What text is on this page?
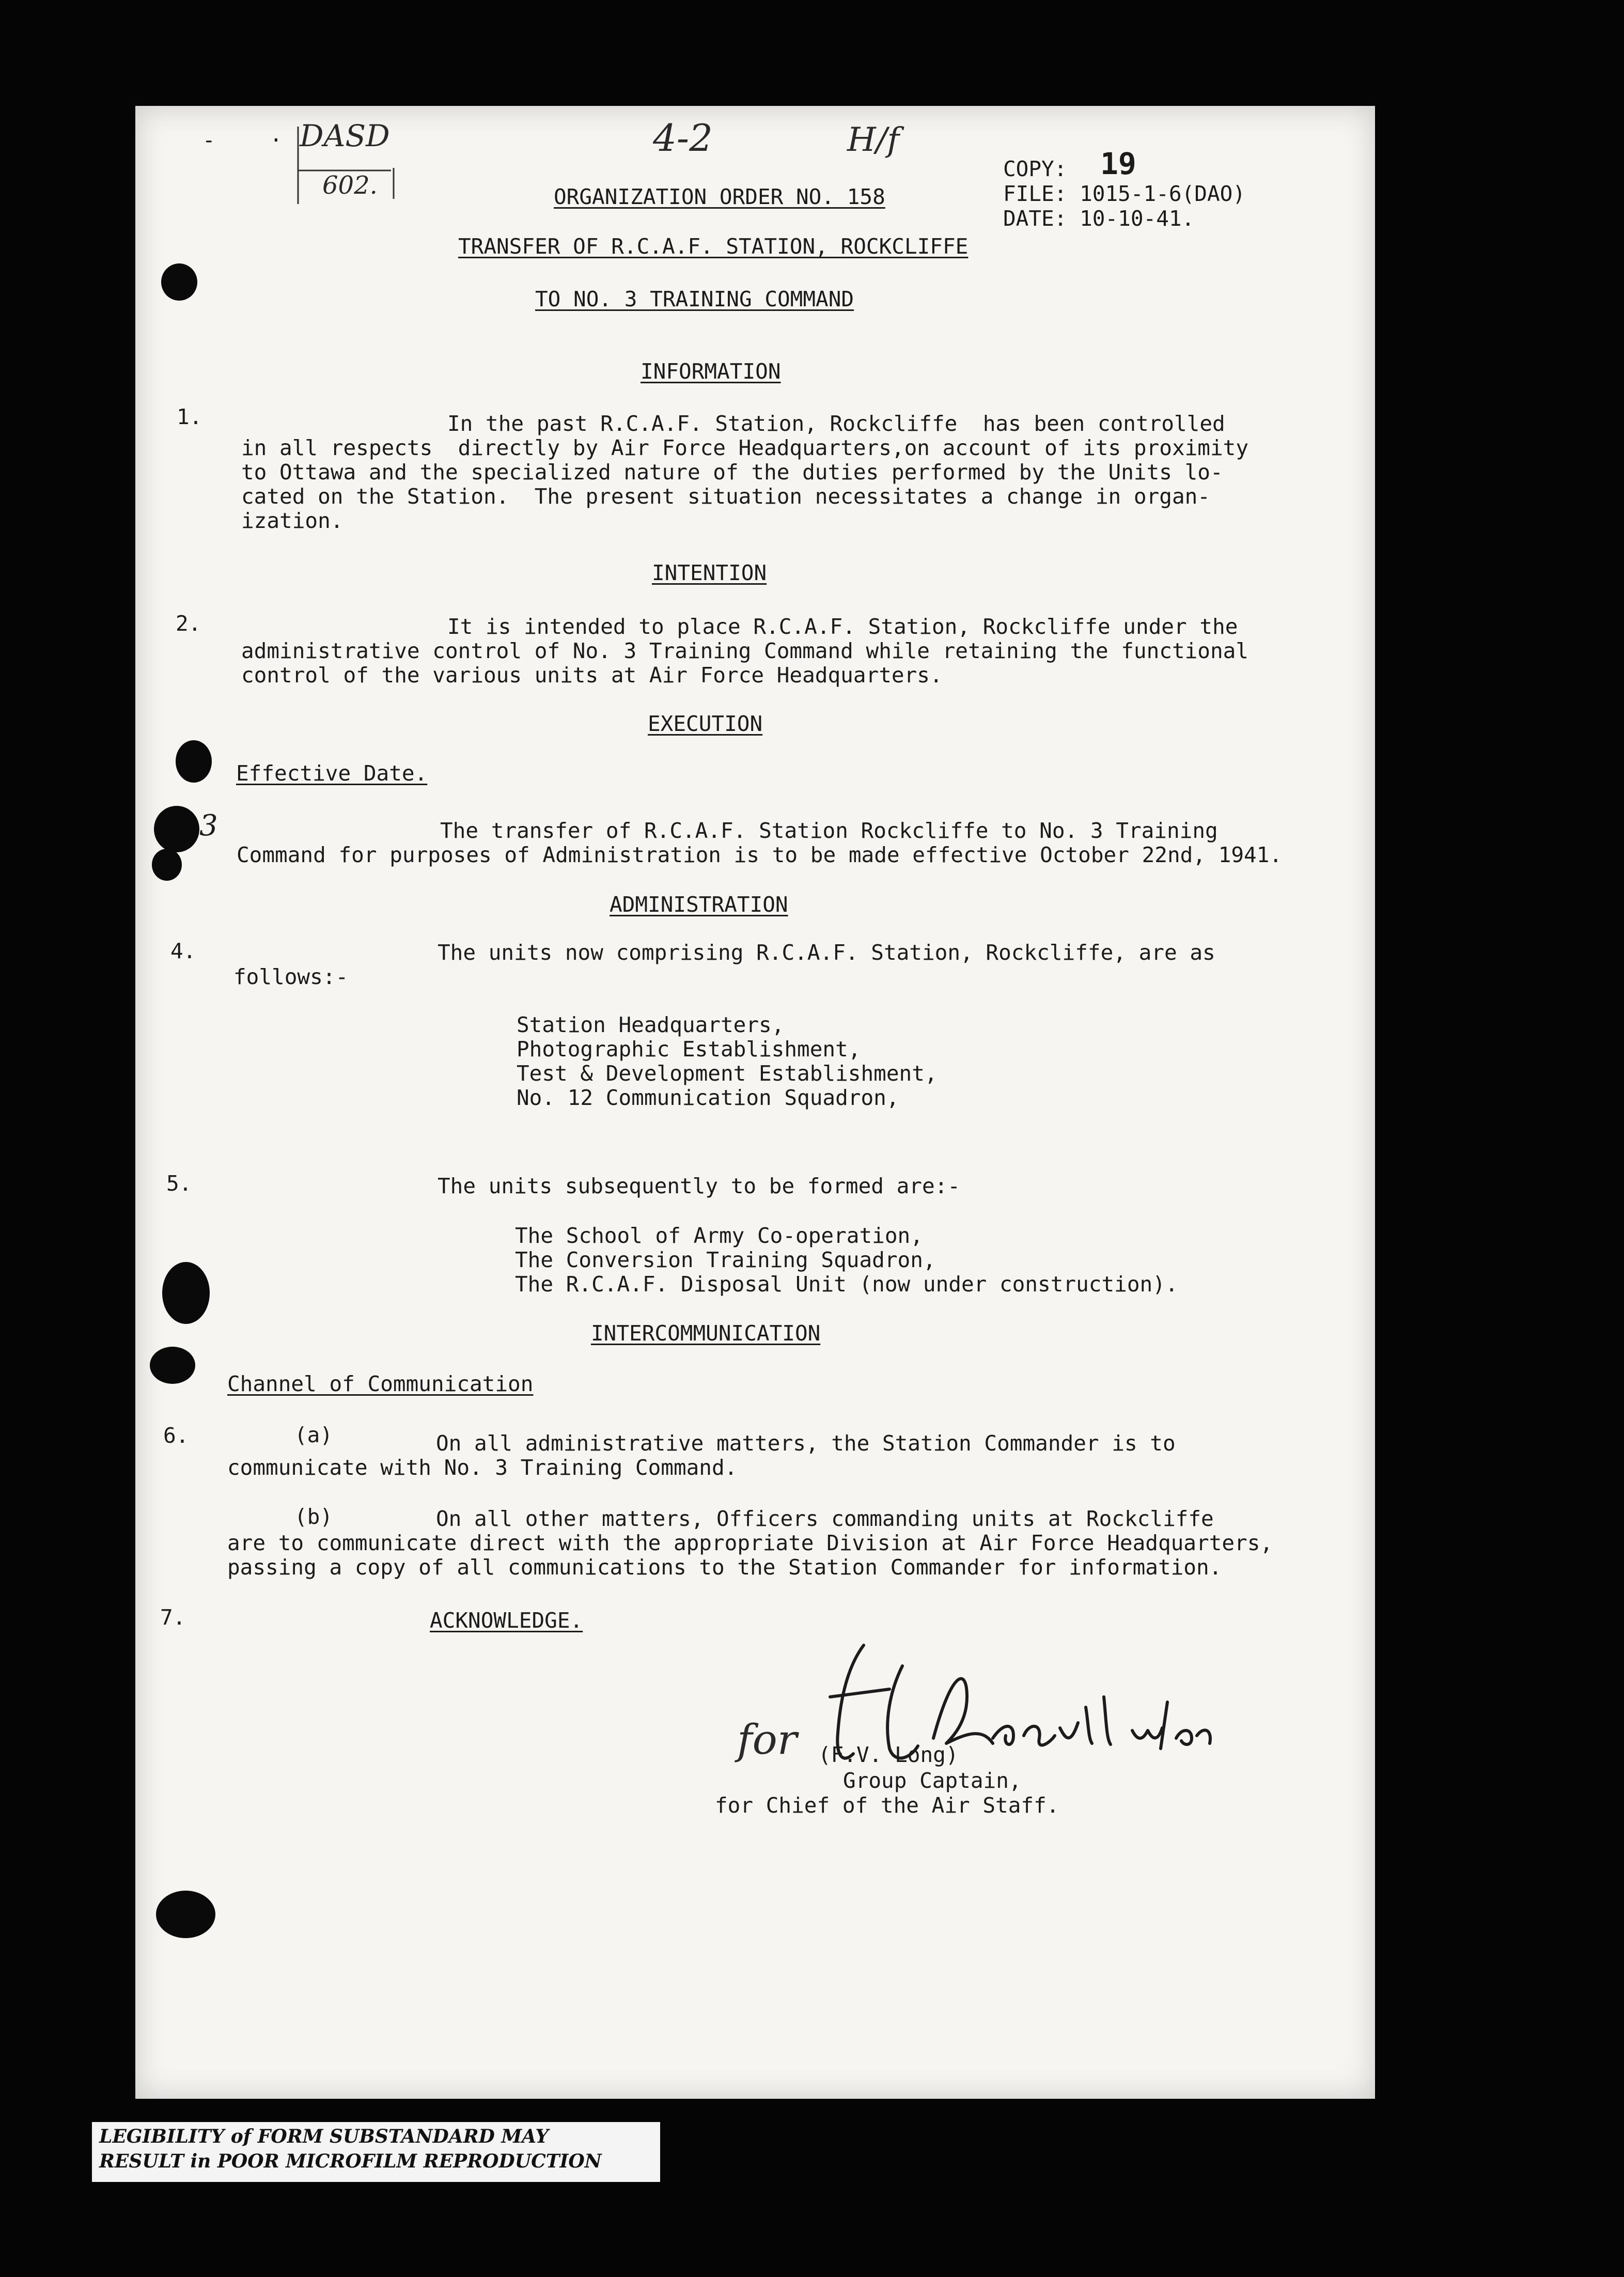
-	· DASD
602.
4-2	H/f
COPY: 19
FILE: 1015-1-6(DAO)
DATE: 10-10-41.
ORGANIZATION ORDER NO. 158
TRANSFER OF R.C.A.F. STATION, ROCKCLIFFE
TO NO. 3 TRAINING COMMAND
INFORMATION
1.	In the past R.C.A.F. Station, Rockcliffe  has been controlled
in all respects  directly by Air Force Headquarters,on account of its proximity
to Ottawa and the specialized nature of the duties performed by the Units lo-
cated on the Station.  The present situation necessitates a change in organ-
ization.
INTENTION
2.	It is intended to place R.C.A.F. Station, Rockcliffe under the
administrative control of No. 3 Training Command while retaining the functional
control of the various units at Air Force Headquarters.
EXECUTION
Effective Date.
3	The transfer of R.C.A.F. Station Rockcliffe to No. 3 Training
Command for purposes of Administration is to be made effective October 22nd, 1941.
ADMINISTRATION
4.	The units now comprising R.C.A.F. Station, Rockcliffe, are as
follows:-
Station Headquarters,
Photographic Establishment,
Test & Development Establishment,
No. 12 Communication Squadron,
5.	The units subsequently to be formed are:-
The School of Army Co-operation,
The Conversion Training Squadron,
The R.C.A.F. Disposal Unit (now under construction).
INTERCOMMUNICATION
Channel of Communication
6.	(a)	On all administrative matters, the Station Commander is to
communicate with No. 3 Training Command.
(b)	On all other matters, Officers commanding units at Rockcliffe
are to communicate direct with the appropriate Division at Air Force Headquarters,
passing a copy of all communications to the Station Commander for information.
7.	ACKNOWLEDGE.
for (F.V. Long)
Group Captain,
for Chief of the Air Staff.
LEGIBILITY of FORM SUBSTANDARD MAY
RESULT in POOR MICROFILM REPRODUCTION
